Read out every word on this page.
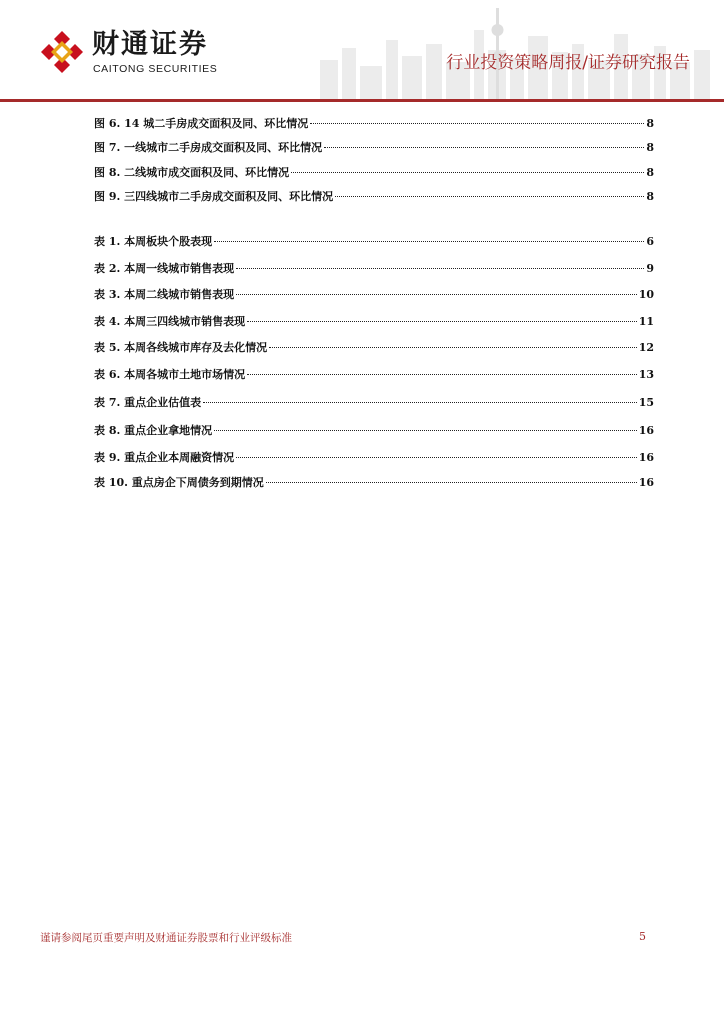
财通证券
CAITONG SECURITIES	行业投资策略周报/证券研究报告
图 6. 14 城二手房成交面积及同、环比情况	8
图 7. 一线城市二手房成交面积及同、环比情况	8
图 8. 二线城市成交面积及同、环比情况	8
图 9. 三四线城市二手房成交面积及同、环比情况	8
表 1. 本周板块个股表现	6
表 2. 本周一线城市销售表现	9
表 3. 本周二线城市销售表现	10
表 4. 本周三四线城市销售表现	11
表 5. 本周各线城市库存及去化情况	12
表 6. 本周各城市土地市场情况	13
表 7. 重点企业估值表	15
表 8. 重点企业拿地情况	16
表 9. 重点企业本周融资情况	16
表 10. 重点房企下周债务到期情况	16
谨请参阅尾页重要声明及财通证券股票和行业评级标准	5
